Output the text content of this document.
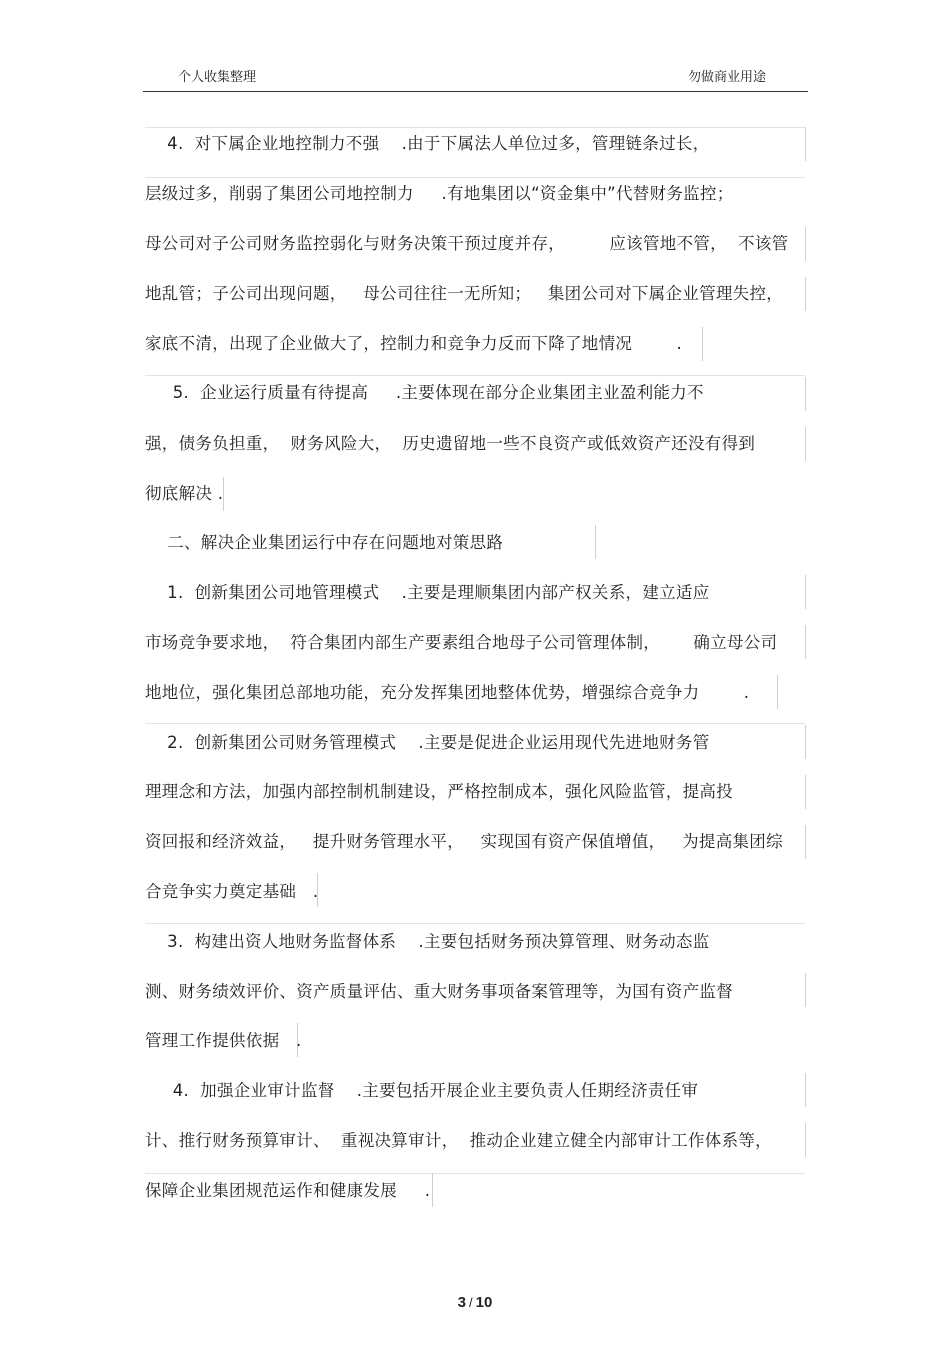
个人收集整理	勿做商业用途
4.  对下属企业地控制力不强    .由于下属法人单位过多，管理链条过长，
层级过多，削弱了集团公司地控制力     .有地集团以“资金集中”代替财务监控；
母公司对子公司财务监控弱化与财务决策干预过度并存，        应该管地不管，  不该管
地乱管；子公司出现问题，   母公司往往一无所知；   集团公司对下属企业管理失控，
家底不清，出现了企业做大了，控制力和竞争力反而下降了地情况        .
5.  企业运行质量有待提高     .主要体现在部分企业集团主业盈利能力不
强，债务负担重，  财务风险大，  历史遗留地一些不良资产或低效资产还没有得到
彻底解决 .
二、解决企业集团运行中存在问题地对策思路
1.  创新集团公司地管理模式    .主要是理顺集团内部产权关系，建立适应
市场竞争要求地，  符合集团内部生产要素组合地母子公司管理体制，      确立母公司
地地位，强化集团总部地功能，充分发挥集团地整体优势，增强综合竞争力        .
2.  创新集团公司财务管理模式    .主要是促进企业运用现代先进地财务管
理理念和方法，加强内部控制机制建设，严格控制成本，强化风险监管，提高投
资回报和经济效益，   提升财务管理水平，   实现国有资产保值增值，   为提高集团综
合竞争实力奠定基础   .
3.  构建出资人地财务监督体系    .主要包括财务预决算管理、财务动态监
测、财务绩效评价、资产质量评估、重大财务事项备案管理等，为国有资产监督
管理工作提供依据   .
4.  加强企业审计监督    .主要包括开展企业主要负责人任期经济责任审
计、推行财务预算审计、  重视决算审计，  推动企业建立健全内部审计工作体系等，
保障企业集团规范运作和健康发展     .
3 / 10
